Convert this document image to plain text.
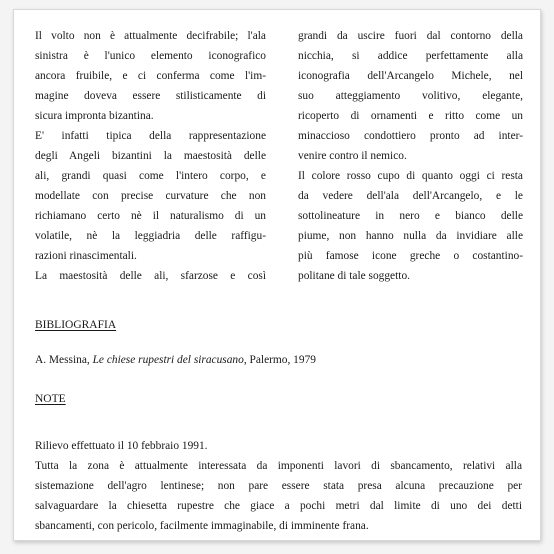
Il volto non è attualmente decifrabile; l'ala
sinistra è l'unico elemento iconografico
ancora fruibile, e ci conferma come l'im-
magine doveva essere stilisticamente di
sicura impronta bizantina.
E' infatti tipica della rappresentazione
degli Angeli bizantini la maestosità delle
ali, grandi quasi come l'intero corpo, e
modellate con precise curvature che non
richiamano certo nè il naturalismo di un
volatile, nè la leggiadria delle raffigu-
razioni rinascimentali.
La maestosità delle ali, sfarzose e così
grandi da uscire fuori dal contorno della
nicchia, si addice perfettamente alla
iconografia dell'Arcangelo Michele, nel
suo atteggiamento volitivo, elegante,
ricoperto di ornamenti e ritto come un
minaccioso condottiero pronto ad inter-
venire contro il nemico.
Il colore rosso cupo di quanto oggi ci resta
da vedere dell'ala dell'Arcangelo, e le
sottolineature in nero e bianco delle
piume, non hanno nulla da invidiare alle
più famose icone greche o costantino-
politane di tale soggetto.
BIBLIOGRAFIA
A. Messina, Le chiese rupestri del siracusano, Palermo, 1979
NOTE
Rilievo effettuato il 10 febbraio 1991.
Tutta la zona è attualmente interessata da imponenti lavori di sbancamento, relativi alla
sistemazione dell'agro lentinese; non pare essere stata presa alcuna precauzione per
salvaguardare la chiesetta rupestre che giace a pochi metri dal limite di uno dei detti
sbancamenti, con pericolo, facilmente immaginabile, di imminente frana.
